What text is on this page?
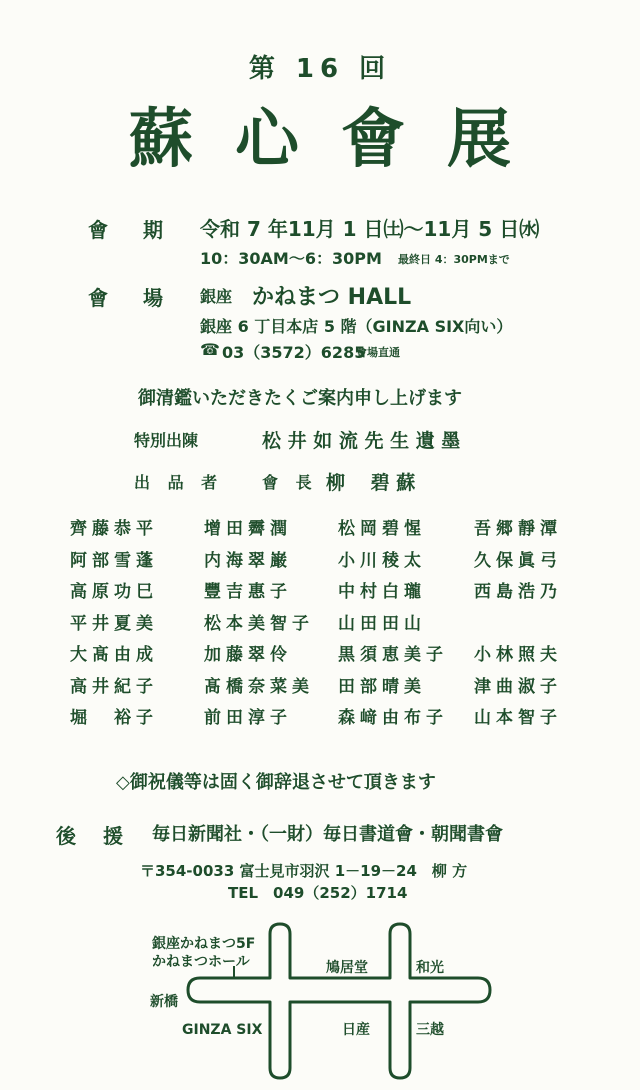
第 16 回
蘇心會展
會 期 令和 7 年11月 1 日㈯〜11月 5 日㈬
10：30AM〜6：30PM 最終日 4：30PMまで
會 場 銀座 かねまつ HALL
銀座 6 丁目本店 5 階（GINZA SIX向い）
☎ 03（3572）6285
會場直通
御清鑑いただきたくご案内申し上げます
特別出陳	松 井 如 流 先 生 遺 墨
出 品 者 會 長 柳　 碧 蘇
齊藤恭平	增田霽潤	松岡碧惺	吾郷靜潭
阿部雪蓬	内海翠巌	小川稜太	久保眞弓
高原功巳	豐吉惠子	中村白瓏	西島浩乃
平井夏美	松本美智子	山田田山
大髙由成	加藤翠伶	黒須恵美子	小林照夫
高井紀子	髙橋奈菜美	田部晴美	津曲淑子
堀　裕子	前田淳子	森﨑由布子	山本智子
◇御祝儀等は固く御辞退させて頂きます
後 援 毎日新聞社・（一財）毎日書道會・朝聞書會
〒354-0033 富士見市羽沢 1－19－24　柳 方
TEL　049（252）1714
銀座かねまつ5F
かねまつホール
新橋
鳩居堂	和光
GINZA SIX	日産	三越
